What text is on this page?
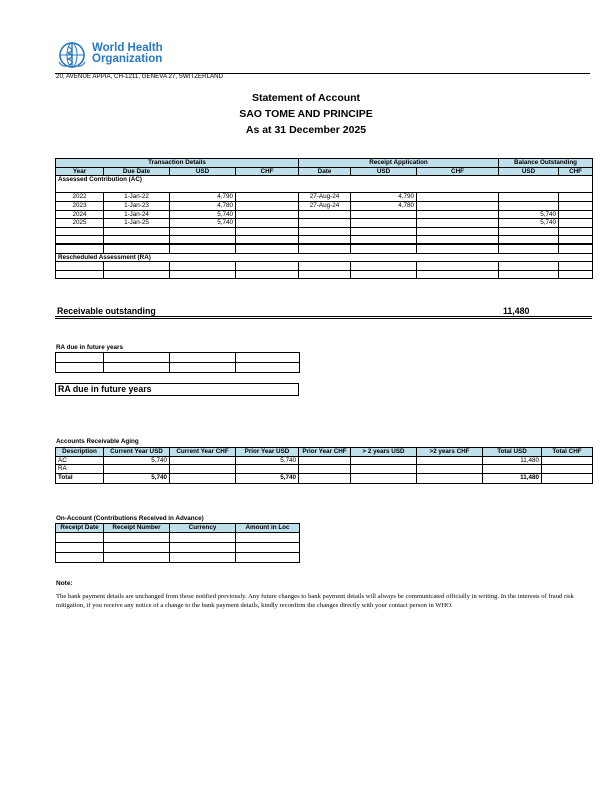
World Health
Organization
20, AVENUE APPIA, CH-1211, GENEVA 27, SWITZERLAND
Statement of Account
SAO TOME AND PRINCIPE
As at 31 December 2025
Transaction Details				Receipt Application			Balance Outstanding	
Year	Due Date	USD	CHF	Date	USD	CHF	USD	CHF
Assessed Contribution (AC)								

2022	1-Jan-22	4,790		27-Aug-24	4,790			
2023	1-Jan-23	4,780		27-Aug-24	4,780			
2024	1-Jan-24	5,740					5,740	
2025	1-Jan-25	5,740					5,740	

Rescheduled Assessment (RA)								

Receivable outstanding	11,480
RA due in future years

RA due in future years
Accounts Receivable Aging
Description	Current Year USD	Current Year CHF	Prior Year USD	Prior Year CHF	> 2 years USD	>2 years CHF	Total USD	Total CHF
AC	5,740		5,740				11,480	
RA								
Total	5,740		5,740				11,480	
On-Account (Contributions Received in Advance)
Receipt Date	Receipt Number	Currency	Amount in Loc

Note:
The bank payment details are unchanged from those notified previously. Any future changes to bank payment details will always be communicated officially in writing. In the interests of fraud risk mitigation, if you receive any notice of a change to the bank payment details, kindly reconfirm the changes directly with your contact person in WHO.
